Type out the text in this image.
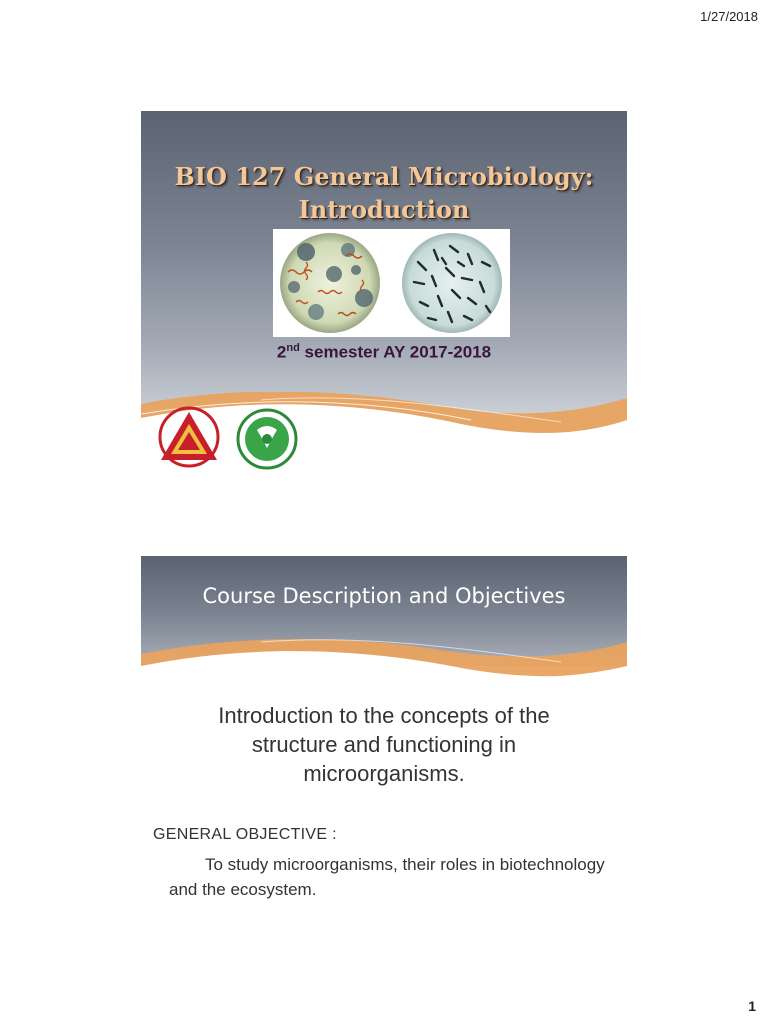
1/27/2018
BIO 127 General Microbiology:
Introduction
2nd semester AY 2017-2018
Course Description and Objectives
Introduction to the concepts of the
structure and functioning in
microorganisms.
GENERAL OBJECTIVE :
To study microorganisms, their roles in biotechnology and the ecosystem.
1
